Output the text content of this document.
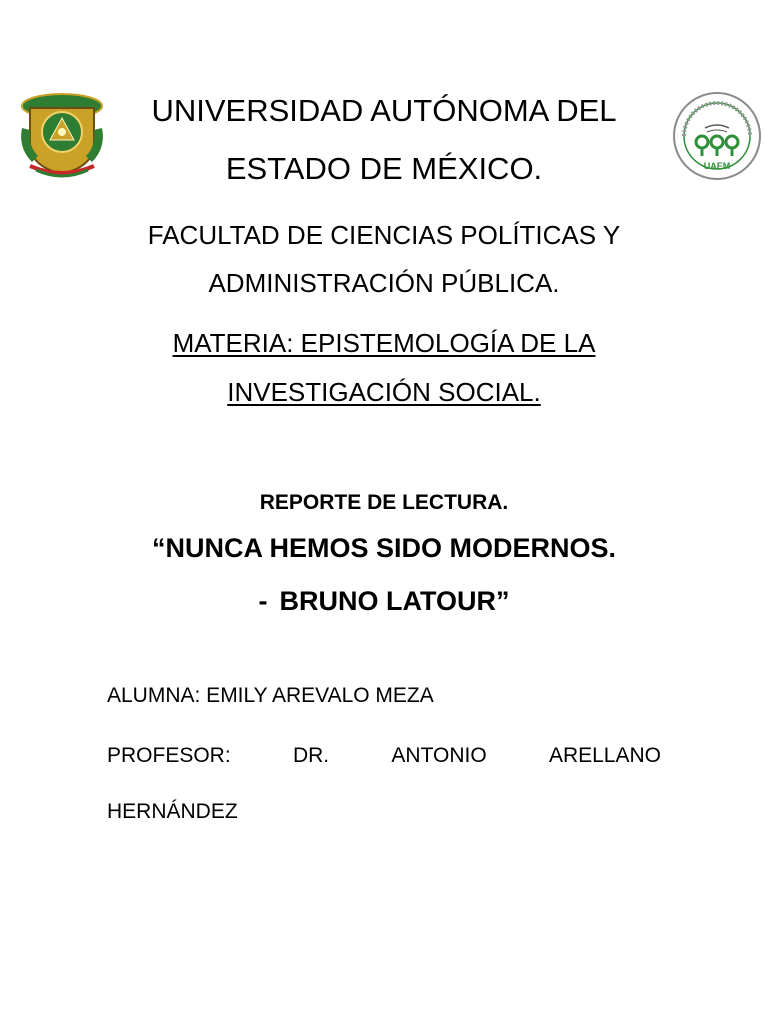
UAEM
UNIVERSIDAD AUTÓNOMA DEL
ESTADO DE MÉXICO.
FACULTAD DE CIENCIAS POLÍTICAS Y
ADMINISTRACIÓN PÚBLICA.
MATERIA: EPISTEMOLOGÍA DE LA
INVESTIGACIÓN SOCIAL.
REPORTE DE LECTURA.
“NUNCA HEMOS SIDO MODERNOS.
- BRUNO LATOUR”
ALUMNA: EMILY AREVALO MEZA
PROFESOR:	DR.	ANTONIO	ARELLANO
HERNÁNDEZ
